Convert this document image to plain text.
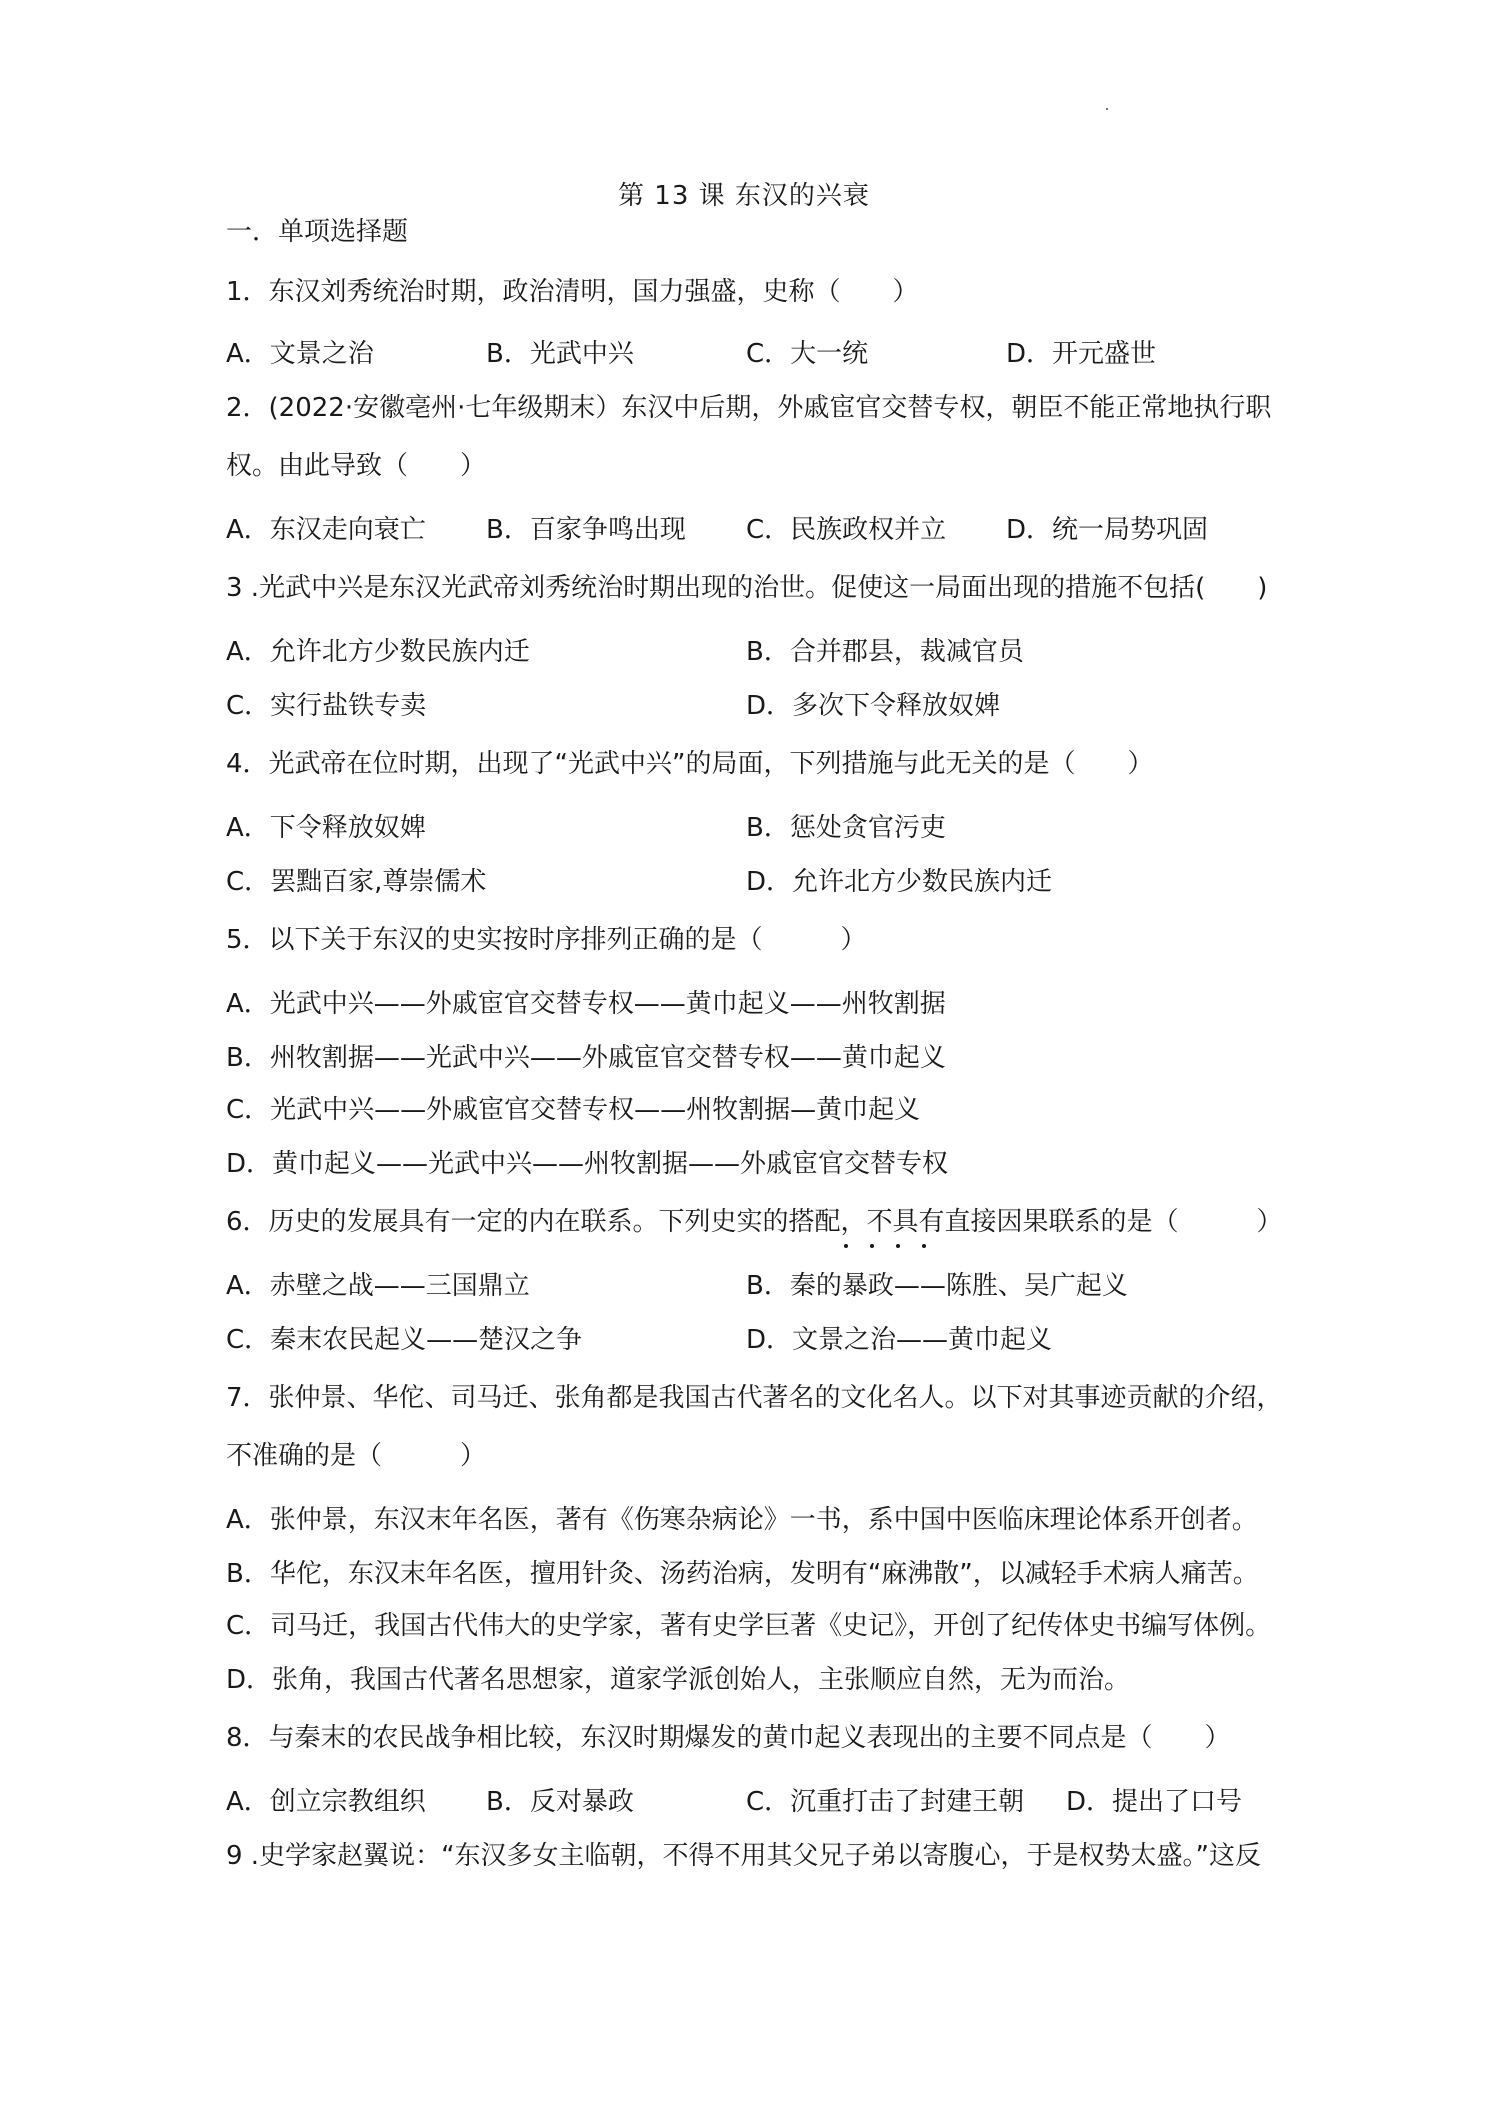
第 13 课 东汉的兴衰
一．单项选择题
1．东汉刘秀统治时期，政治清明，国力强盛，史称（　　）
A．文景之治	B．光武中兴	C．大一统	D．开元盛世
2．(2022·安徽亳州·七年级期末）东汉中后期，外戚宦官交替专权，朝臣不能正常地执行职
权。由此导致（　　）
A．东汉走向衰亡 B．百家争鸣出现 C．民族政权并立 D．统一局势巩固
3 .光武中兴是东汉光武帝刘秀统治时期出现的治世。促使这一局面出现的措施不包括(　　)
A．允许北方少数民族内迁	B．合并郡县，裁减官员
C．实行盐铁专卖	D．多次下令释放奴婢
4．光武帝在位时期，出现了“光武中兴”的局面，下列措施与此无关的是（　　）
A．下令释放奴婢	B．惩处贪官污吏
C．罢黜百家,尊崇儒术	D．允许北方少数民族内迁
5．以下关于东汉的史实按时序排列正确的是（　　　）
A．光武中兴——外戚宦官交替专权——黄巾起义——州牧割据
B．州牧割据——光武中兴——外戚宦官交替专权——黄巾起义
C．光武中兴——外戚宦官交替专权——州牧割据—黄巾起义
D．黄巾起义——光武中兴——州牧割据——外戚宦官交替专权
6．历史的发展具有一定的内在联系。下列史实的搭配，不具有直接因果联系的是（　　　）
A．赤壁之战——三国鼎立	B．秦的暴政——陈胜、吴广起义
C．秦末农民起义——楚汉之争	D．文景之治——黄巾起义
7．张仲景、华佗、司马迁、张角都是我国古代著名的文化名人。以下对其事迹贡献的介绍，
不准确的是（　　　）
A．张仲景，东汉末年名医，著有《伤寒杂病论》一书，系中国中医临床理论体系开创者。
B．华佗，东汉末年名医，擅用针灸、汤药治病，发明有“麻沸散”，以减轻手术病人痛苦。
C．司马迁，我国古代伟大的史学家，著有史学巨著《史记》，开创了纪传体史书编写体例。
D．张角，我国古代著名思想家，道家学派创始人，主张顺应自然，无为而治。
8．与秦末的农民战争相比较，东汉时期爆发的黄巾起义表现出的主要不同点是（　　）
A．创立宗教组织 B．反对暴政	C．沉重打击了封建王朝 D．提出了口号
9 .史学家赵翼说：“东汉多女主临朝，不得不用其父兄子弟以寄腹心，于是权势太盛。”这反
